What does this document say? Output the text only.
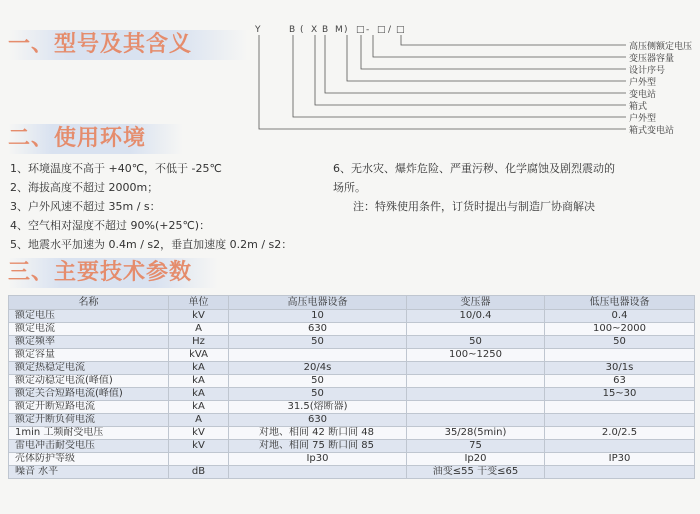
一、型号及其含义
二、使用环境
三、主要技术参数
Y	B ( X B M ) □ - □ / □
高压侧额定电压
变压器容量
设计序号
户外型
变电站
箱式
户外型
箱式变电站
1、环境温度不高于 +40℃，不低于 -25℃
2、海拔高度不超过 2000m；
3、户外风速不超过 35m / s：
4、空气相对湿度不超过 90%(+25℃)：
5、地震水平加速为 0.4m / s2，垂直加速度 0.2m / s2：
6、无水灾、爆炸危险、严重污秽、化学腐蚀及剧烈震动的
场所。
注：特殊使用条件，订货时提出与制造厂协商解决
名称	单位	高压电器设备	变压器	低压电器设备
额定电压	kV	10	10/0.4	0.4
额定电流	A	630		100~2000
额定频率	Hz	50	50	50
额定容量	kVA		100~1250	
额定热稳定电流	kA	20/4s		30/1s
额定动稳定电流(峰值)	kA	50		63
额定关合短路电流(峰值)	kA	50		15~30
额定开断短路电流	kA	31.5(熔断器)		
额定开断负荷电流	A	630		
1min 工频耐受电压	kV	对地、相间 42 断口间 48	35/28(5min)	2.0/2.5
雷电冲击耐受电压	kV	对地、相间 75 断口间 85	75	
壳体防护等级		Ip30	Ip20	IP30
噪音 水平	dB		油变≤55 干变≤65	
